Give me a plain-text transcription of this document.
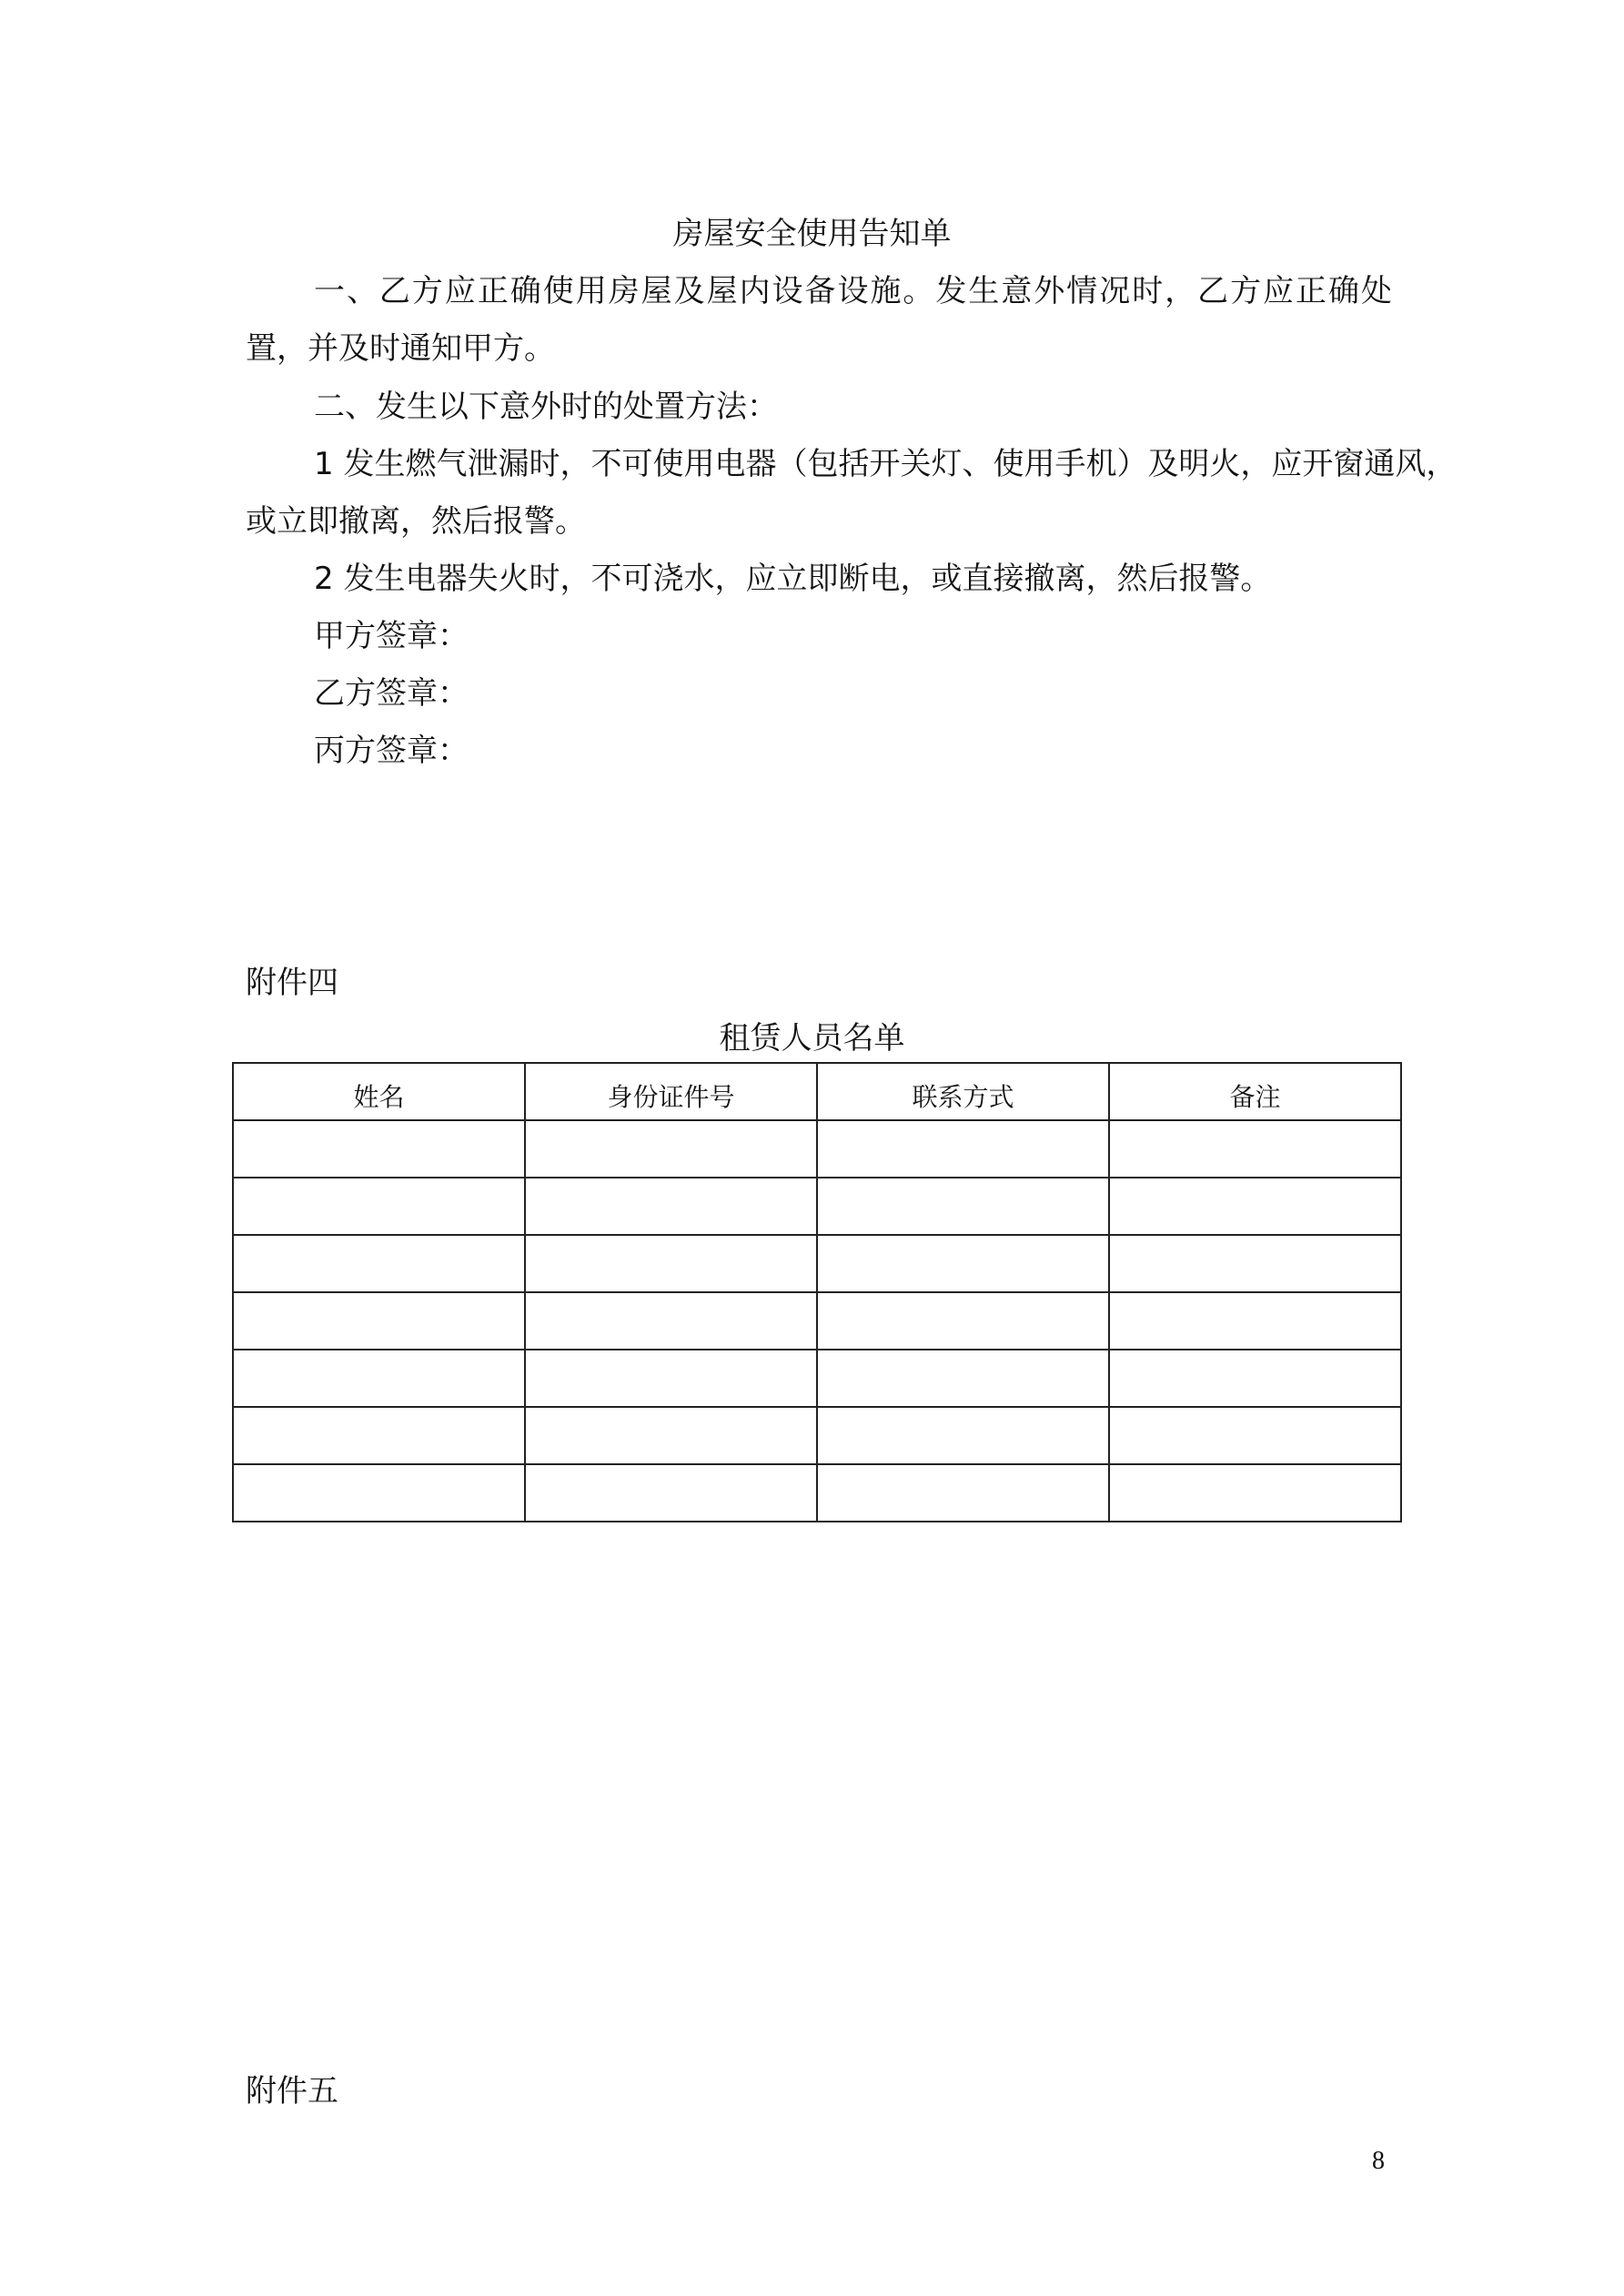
房屋安全使用告知单
一、乙方应正确使用房屋及屋内设备设施。发生意外情况时，乙方应正确处置，并及时通知甲方。
二、发生以下意外时的处置方法：
1 发生燃气泄漏时，不可使用电器（包括开关灯、使用手机）及明火，应开窗通风，
或立即撤离，然后报警。
2 发生电器失火时，不可浇水，应立即断电，或直接撤离，然后报警。
甲方签章：
乙方签章：
丙方签章：
附件四
租赁人员名单
姓名	身份证件号	联系方式	备注

附件五
8
